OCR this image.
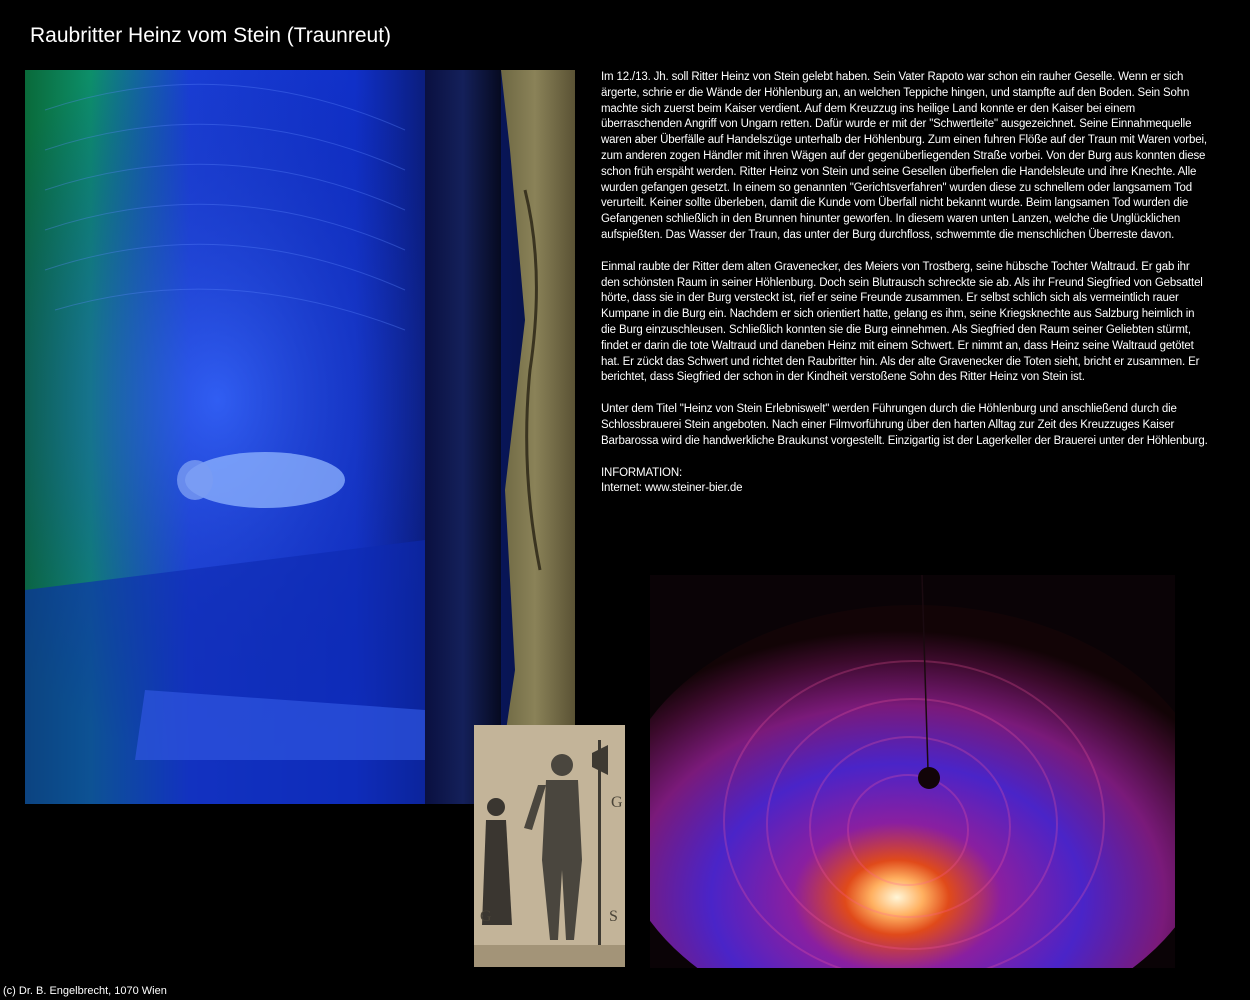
Raubritter Heinz vom Stein (Traunreut)
G	S
G

Im 12./13. Jh. soll Ritter Heinz von Stein gelebt haben. Sein Vater Rapoto war schon ein rauher Geselle. Wenn er sich ärgerte, schrie er die Wände der Höhlenburg an, an welchen Teppiche hingen, und stampfte auf den Boden. Sein Sohn machte sich zuerst beim Kaiser verdient. Auf dem Kreuzzug ins heilige Land konnte er den Kaiser bei einem überraschenden Angriff von Ungarn retten. Dafür wurde er mit der "Schwertleite" ausgezeichnet. Seine Einnahmequelle waren aber Überfälle auf Handelszüge unterhalb der Höhlenburg. Zum einen fuhren Flöße auf der Traun mit Waren vorbei, zum anderen zogen Händler mit ihren Wägen auf der gegenüberliegenden Straße vorbei. Von der Burg aus konnten diese schon früh erspäht werden. Ritter Heinz von Stein und seine Gesellen überfielen die Handelsleute und ihre Knechte. Alle wurden gefangen gesetzt. In einem so genannten "Gerichtsverfahren" wurden diese zu schnellem oder langsamem Tod verurteilt. Keiner sollte überleben, damit die Kunde vom Überfall nicht bekannt wurde. Beim langsamen Tod wurden die Gefangenen schließlich in den Brunnen hinunter geworfen. In diesem waren unten Lanzen, welche die Unglücklichen aufspießten. Das Wasser der Traun, das unter der Burg durchfloss, schwemmte die menschlichen Überreste davon.

Einmal raubte der Ritter dem alten Gravenecker, des Meiers von Trostberg, seine hübsche Tochter Waltraud. Er gab ihr den schönsten Raum in seiner Höhlenburg. Doch sein Blutrausch schreckte sie ab. Als ihr Freund Siegfried von Gebsattel hörte, dass sie in der Burg versteckt ist, rief er seine Freunde zusammen. Er selbst schlich sich als vermeintlich rauer Kumpane in die Burg ein. Nachdem er sich orientiert hatte, gelang es ihm, seine Kriegsknechte aus Salzburg heimlich in die Burg einzuschleusen. Schließlich konnten sie die Burg einnehmen. Als Siegfried den Raum seiner Geliebten stürmt, findet er darin die tote Waltraud und daneben Heinz mit einem Schwert. Er nimmt an, dass Heinz seine Waltraud getötet hat. Er zückt das Schwert und richtet den Raubritter hin. Als der alte Gravenecker die Toten sieht, bricht er zusammen. Er berichtet, dass Siegfried der schon in der Kindheit verstoßene Sohn des Ritter Heinz von Stein ist.

Unter dem Titel "Heinz von Stein Erlebniswelt" werden Führungen durch die Höhlenburg und anschließend durch die Schlossbrauerei Stein angeboten. Nach einer Filmvorführung über den harten Alltag zur Zeit des Kreuzzuges Kaiser Barbarossa wird die handwerkliche Braukunst vorgestellt. Einzigartig ist der Lagerkeller der Brauerei unter der Höhlenburg.

INFORMATION:
Internet: www.steiner-bier.de
(c) Dr. B. Engelbrecht, 1070 Wien
